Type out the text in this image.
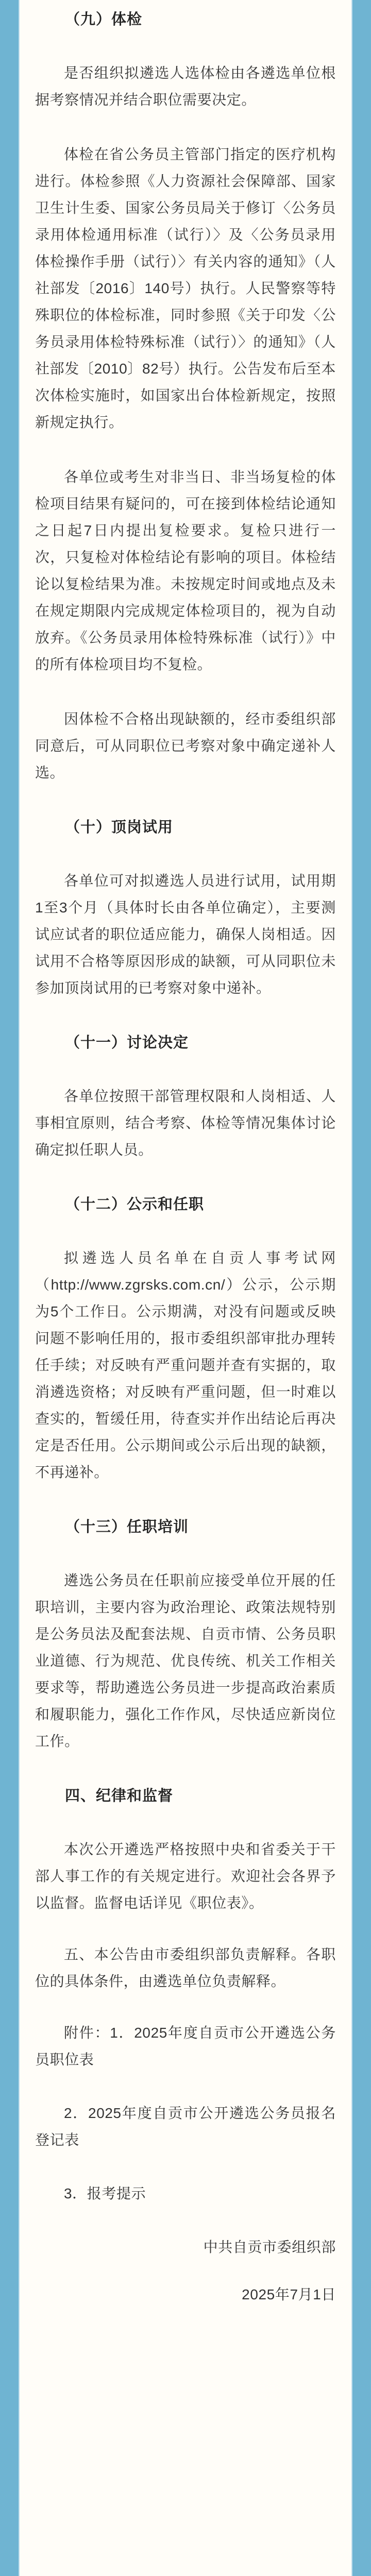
（九）体检

是否组织拟遴选人选体检由各遴选单位根据考察情况并结合职位需要决定。

体检在省公务员主管部门指定的医疗机构进行。体检参照《人力资源社会保障部、国家卫生计生委、国家公务员局关于修订〈公务员录用体检通用标准（试行）〉及〈公务员录用体检操作手册（试行）〉有关内容的通知》（人社部发〔2016〕140号）执行。人民警察等特殊职位的体检标准，同时参照《关于印发〈公务员录用体检特殊标准（试行）〉的通知》（人社部发〔2010〕82号）执行。公告发布后至本次体检实施时，如国家出台体检新规定，按照新规定执行。

各单位或考生对非当日、非当场复检的体检项目结果有疑问的，可在接到体检结论通知之日起7日内提出复检要求。复检只进行一次，只复检对体检结论有影响的项目。体检结论以复检结果为准。未按规定时间或地点及未在规定期限内完成规定体检项目的，视为自动放弃。《公务员录用体检特殊标准（试行）》中的所有体检项目均不复检。

因体检不合格出现缺额的，经市委组织部同意后，可从同职位已考察对象中确定递补人选。

（十）顶岗试用

各单位可对拟遴选人员进行试用，试用期1至3个月（具体时长由各单位确定），主要测试应试者的职位适应能力，确保人岗相适。因试用不合格等原因形成的缺额，可从同职位未参加顶岗试用的已考察对象中递补。

（十一）讨论决定

各单位按照干部管理权限和人岗相适、人事相宜原则，结合考察、体检等情况集体讨论确定拟任职人员。

（十二）公示和任职

拟遴选人员名单在自贡人事考试网（http://www.zgrsks.com.cn/）公示，公示期为5个工作日。公示期满，对没有问题或反映问题不影响任用的，报市委组织部审批办理转任手续；对反映有严重问题并查有实据的，取消遴选资格；对反映有严重问题，但一时难以查实的，暂缓任用，待查实并作出结论后再决定是否任用。公示期间或公示后出现的缺额，不再递补。

（十三）任职培训

遴选公务员在任职前应接受单位开展的任职培训，主要内容为政治理论、政策法规特别是公务员法及配套法规、自贡市情、公务员职业道德、行为规范、优良传统、机关工作相关要求等，帮助遴选公务员进一步提高政治素质和履职能力，强化工作作风，尽快适应新岗位工作。

四、纪律和监督

本次公开遴选严格按照中央和省委关于干部人事工作的有关规定进行。欢迎社会各界予以监督。监督电话详见《职位表》。

五、本公告由市委组织部负责解释。各职位的具体条件，由遴选单位负责解释。

附件：1．2025年度自贡市公开遴选公务员职位表

2．2025年度自贡市公开遴选公务员报名登记表

3．报考提示

中共自贡市委组织部

2025年7月1日
